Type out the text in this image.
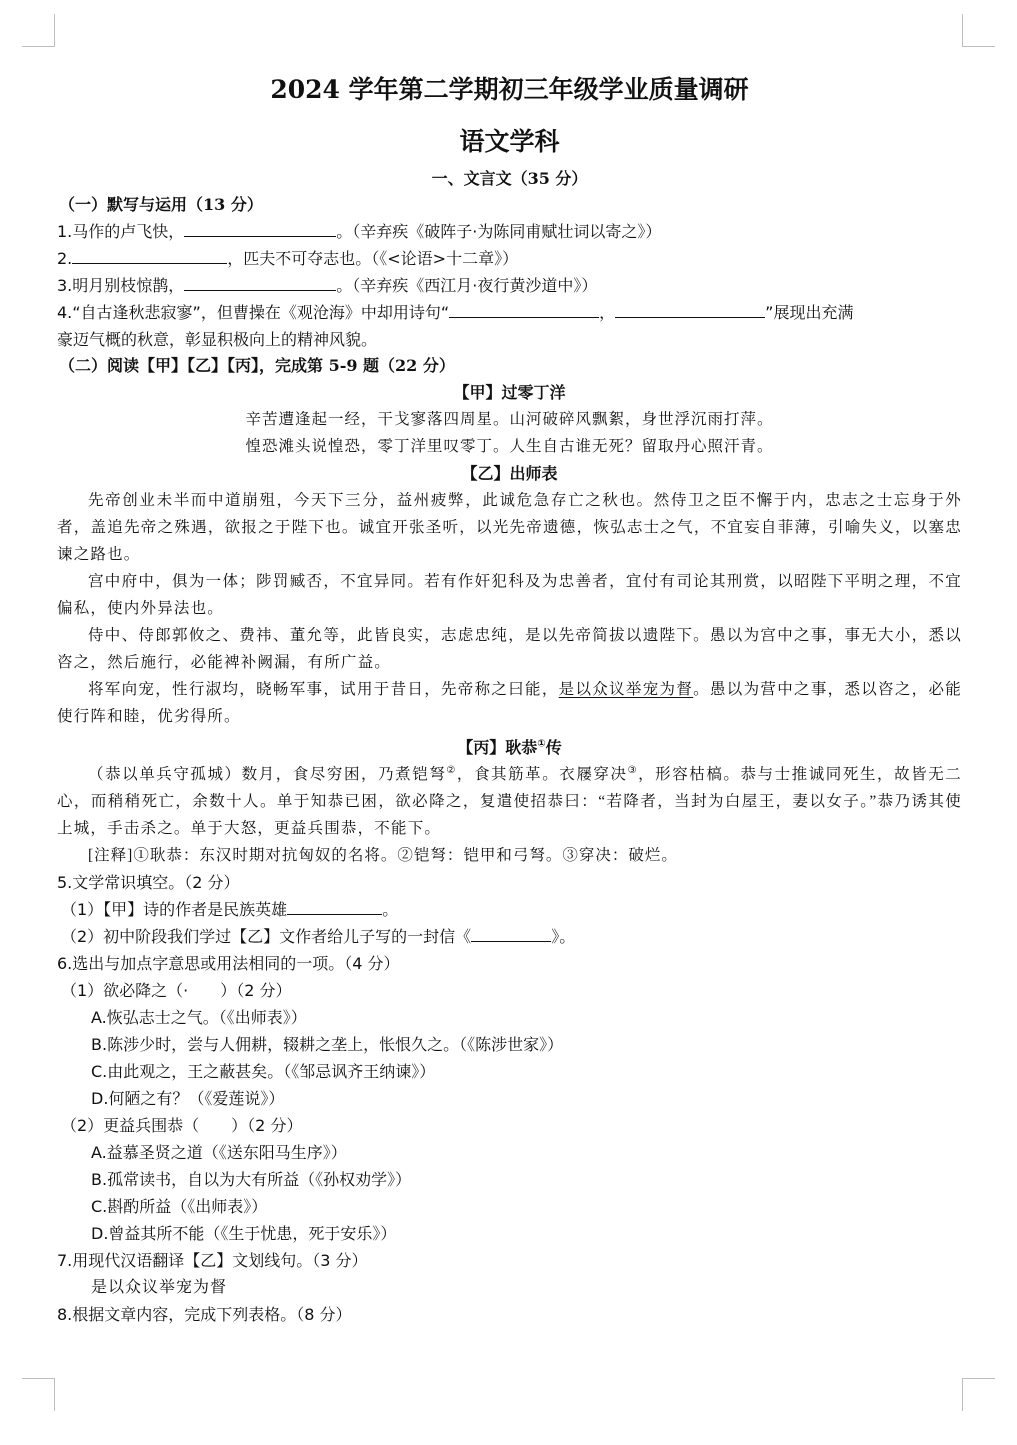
2024 学年第二学期初三年级学业质量调研
语文学科
一、文言文（35 分）
（一）默写与运用（13 分）
1.马作的卢飞快，	。（辛弃疾《破阵子·为陈同甫赋壮词以寄之》）
2.	，匹夫不可夺志也。（《<论语>十二章》）
3.明月别枝惊鹊，	。（辛弃疾《西江月·夜行黄沙道中》）
4.“自古逢秋悲寂寥”，但曹操在《观沧海》中却用诗句“	，	”展现出充满
豪迈气概的秋意，彰显积极向上的精神风貌。
（二）阅读【甲】【乙】【丙】，完成第 5-9 题（22 分）
【甲】过零丁洋
辛苦遭逢起一经，干戈寥落四周星。山河破碎风飘絮，身世浮沉雨打萍。
惶恐滩头说惶恐，零丁洋里叹零丁。人生自古谁无死？留取丹心照汗青。
【乙】出师表
先帝创业未半而中道崩殂，今天下三分，益州疲弊，此诚危急存亡之秋也。然侍卫之臣不懈于内，忠志之士忘身于外者，盖追先帝之殊遇，欲报之于陛下也。诚宜开张圣听，以光先帝遗德，恢弘志士之气，不宜妄自菲薄，引喻失义，以塞忠谏之路也。
宫中府中，俱为一体；陟罚臧否，不宜异同。若有作奸犯科及为忠善者，宜付有司论其刑赏，以昭陛下平明之理，不宜偏私，使内外异法也。
侍中、侍郎郭攸之、费祎、董允等，此皆良实，志虑忠纯，是以先帝简拔以遗陛下。愚以为宫中之事，事无大小，悉以咨之，然后施行，必能裨补阙漏，有所广益。
将军向宠，性行淑均，晓畅军事，试用于昔日，先帝称之曰能，是以众议举宠为督。愚以为营中之事，悉以咨之，必能使行阵和睦，优劣得所。
【丙】耿恭①传
（恭以单兵守孤城）数月，食尽穷困，乃煮铠弩②，食其筋革。衣屦穿决③，形容枯槁。恭与士推诚同死生，故皆无二心，而稍稍死亡，余数十人。单于知恭已困，欲必降之，复遣使招恭曰：“若降者，当封为白屋王，妻以女子。”恭乃诱其使上城，手击杀之。单于大怒，更益兵围恭，不能下。
[注释]①耿恭：东汉时期对抗匈奴的名将。②铠弩：铠甲和弓弩。③穿决：破烂。
5.文学常识填空。（2 分）
（1）【甲】诗的作者是民族英雄	。
（2）初中阶段我们学过【乙】文作者给儿子写的一封信《	》。
6.选出与加点字意思或用法相同的一项。（4 分）
（1）欲必降之（·　　）（2 分）
A.恢弘志士之气。（《出师表》）
B.陈涉少时，尝与人佣耕，辍耕之垄上，怅恨久之。（《陈涉世家》）
C.由此观之，王之蔽甚矣。（《邹忌讽齐王纳谏》）
D.何陋之有？（《爱莲说》）
（2）更益兵围恭（　　）（2 分）
A.益慕圣贤之道（《送东阳马生序》）
B.孤常读书，自以为大有所益（《孙权劝学》）
C.斟酌所益（《出师表》）
D.曾益其所不能（《生于忧患，死于安乐》）
7.用现代汉语翻译【乙】文划线句。（3 分）
是以众议举宠为督
8.根据文章内容，完成下列表格。（8 分）
